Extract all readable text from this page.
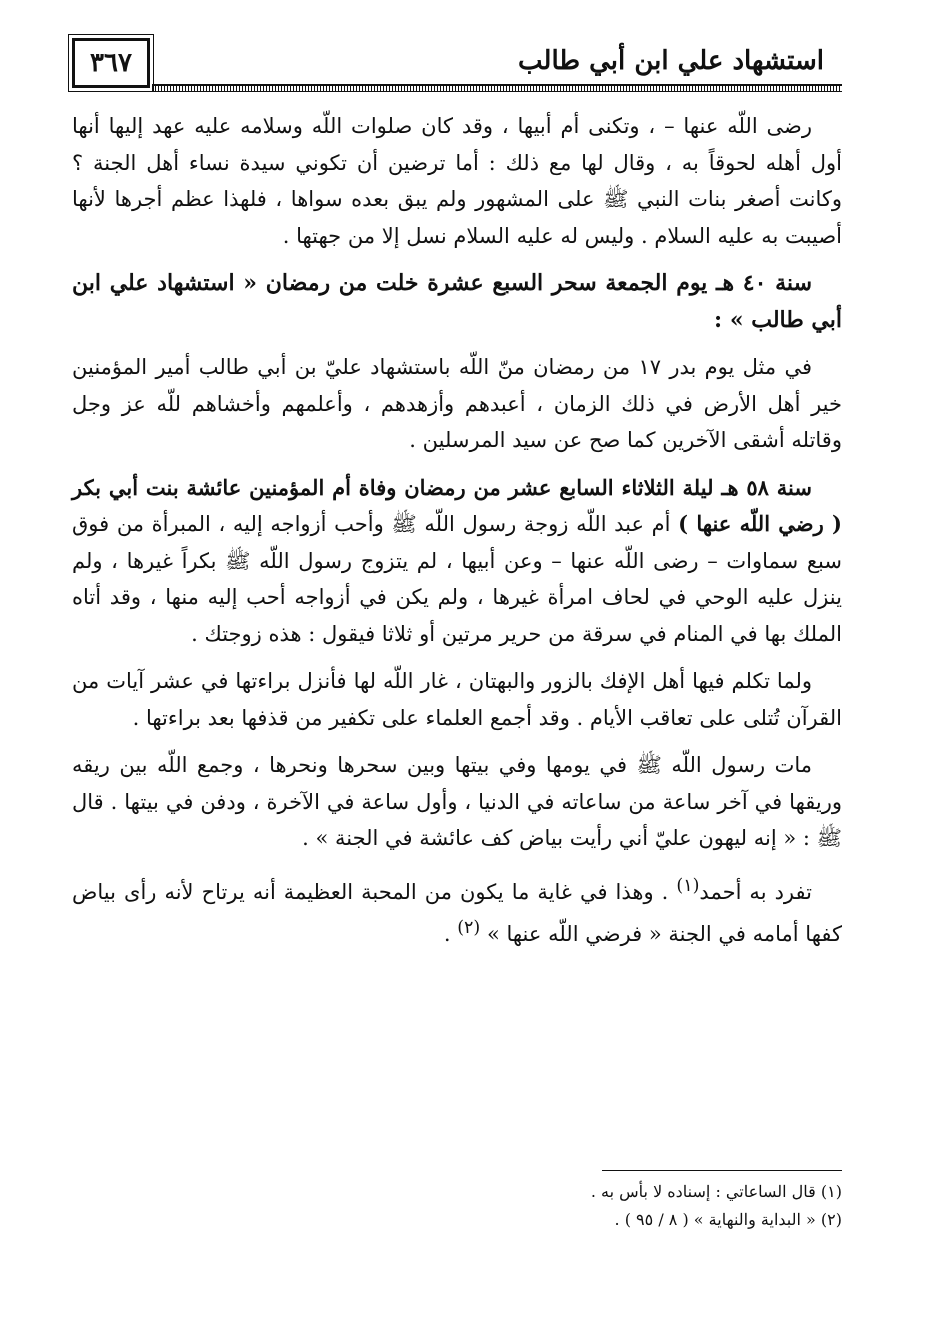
استشهاد علي ابن أبي طالب
٣٦٧

رضى اللّه عنها – ، وتكنى أم أبيها ، وقد كان صلوات اللّه وسلامه عليه عهد إليها أنها أول أهله لحوقاً به ، وقال لها مع ذلك : أما ترضين أن تكوني سيدة نساء أهل الجنة ؟ وكانت أصغر بنات النبي ﷺ على المشهور ولم يبق بعده سواها ، فلهذا عظم أجرها لأنها أصيبت به عليه السلام . وليس له عليه السلام نسل إلا من جهتها .

سنة ٤٠ هـ يوم الجمعة سحر السبع عشرة خلت من رمضان « استشهاد علي ابن أبي طالب » :

في مثل يوم بدر ١٧ من رمضان منّ اللّه باستشهاد عليّ بن أبي طالب أمير المؤمنين خير أهل الأرض في ذلك الزمان ، أعبدهم وأزهدهم ، وأعلمهم وأخشاهم للّه عز وجل وقاتله أشقى الآخرين كما صح عن سيد المرسلين .

سنة ٥٨ هـ ليلة الثلاثاء السابع عشر من رمضان وفاة أم المؤمنين عائشة بنت أبي بكر ( رضي اللّه عنها ) أم عبد اللّه زوجة رسول اللّه ﷺ وأحب أزواجه إليه ، المبرأة من فوق سبع سماوات – رضى اللّه عنها – وعن أبيها ، لم يتزوج رسول اللّه ﷺ بكراً غيرها ، ولم ينزل عليه الوحي في لحاف امرأة غيرها ، ولم يكن في أزواجه أحب إليه منها ، وقد أتاه الملك بها في المنام في سرقة من حرير مرتين أو ثلاثا فيقول : هذه زوجتك .

ولما تكلم فيها أهل الإفك بالزور والبهتان ، غار اللّه لها فأنزل براءتها في عشر آيات من القرآن تُتلى على تعاقب الأيام . وقد أجمع العلماء على تكفير من قذفها بعد براءتها .

مات رسول اللّه ﷺ في يومها وفي بيتها وبين سحرها ونحرها ، وجمع اللّه بين ريقه وريقها في آخر ساعة من ساعاته في الدنيا ، وأول ساعة في الآخرة ، ودفن في بيتها . قال ﷺ : « إنه ليهون عليّ أني رأيت بياض كف عائشة في الجنة » .

تفرد به أحمد$^{(١)}$ . وهذا في غاية ما يكون من المحبة العظيمة أنه يرتاح لأنه رأى بياض كفها أمامه في الجنة « فرضي اللّه عنها » $^{(٢)}$ .

(١) قال الساعاتي : إسناده لا بأس به .
(٢) « البداية والنهاية » ( ٨ / ٩٥ ) .
